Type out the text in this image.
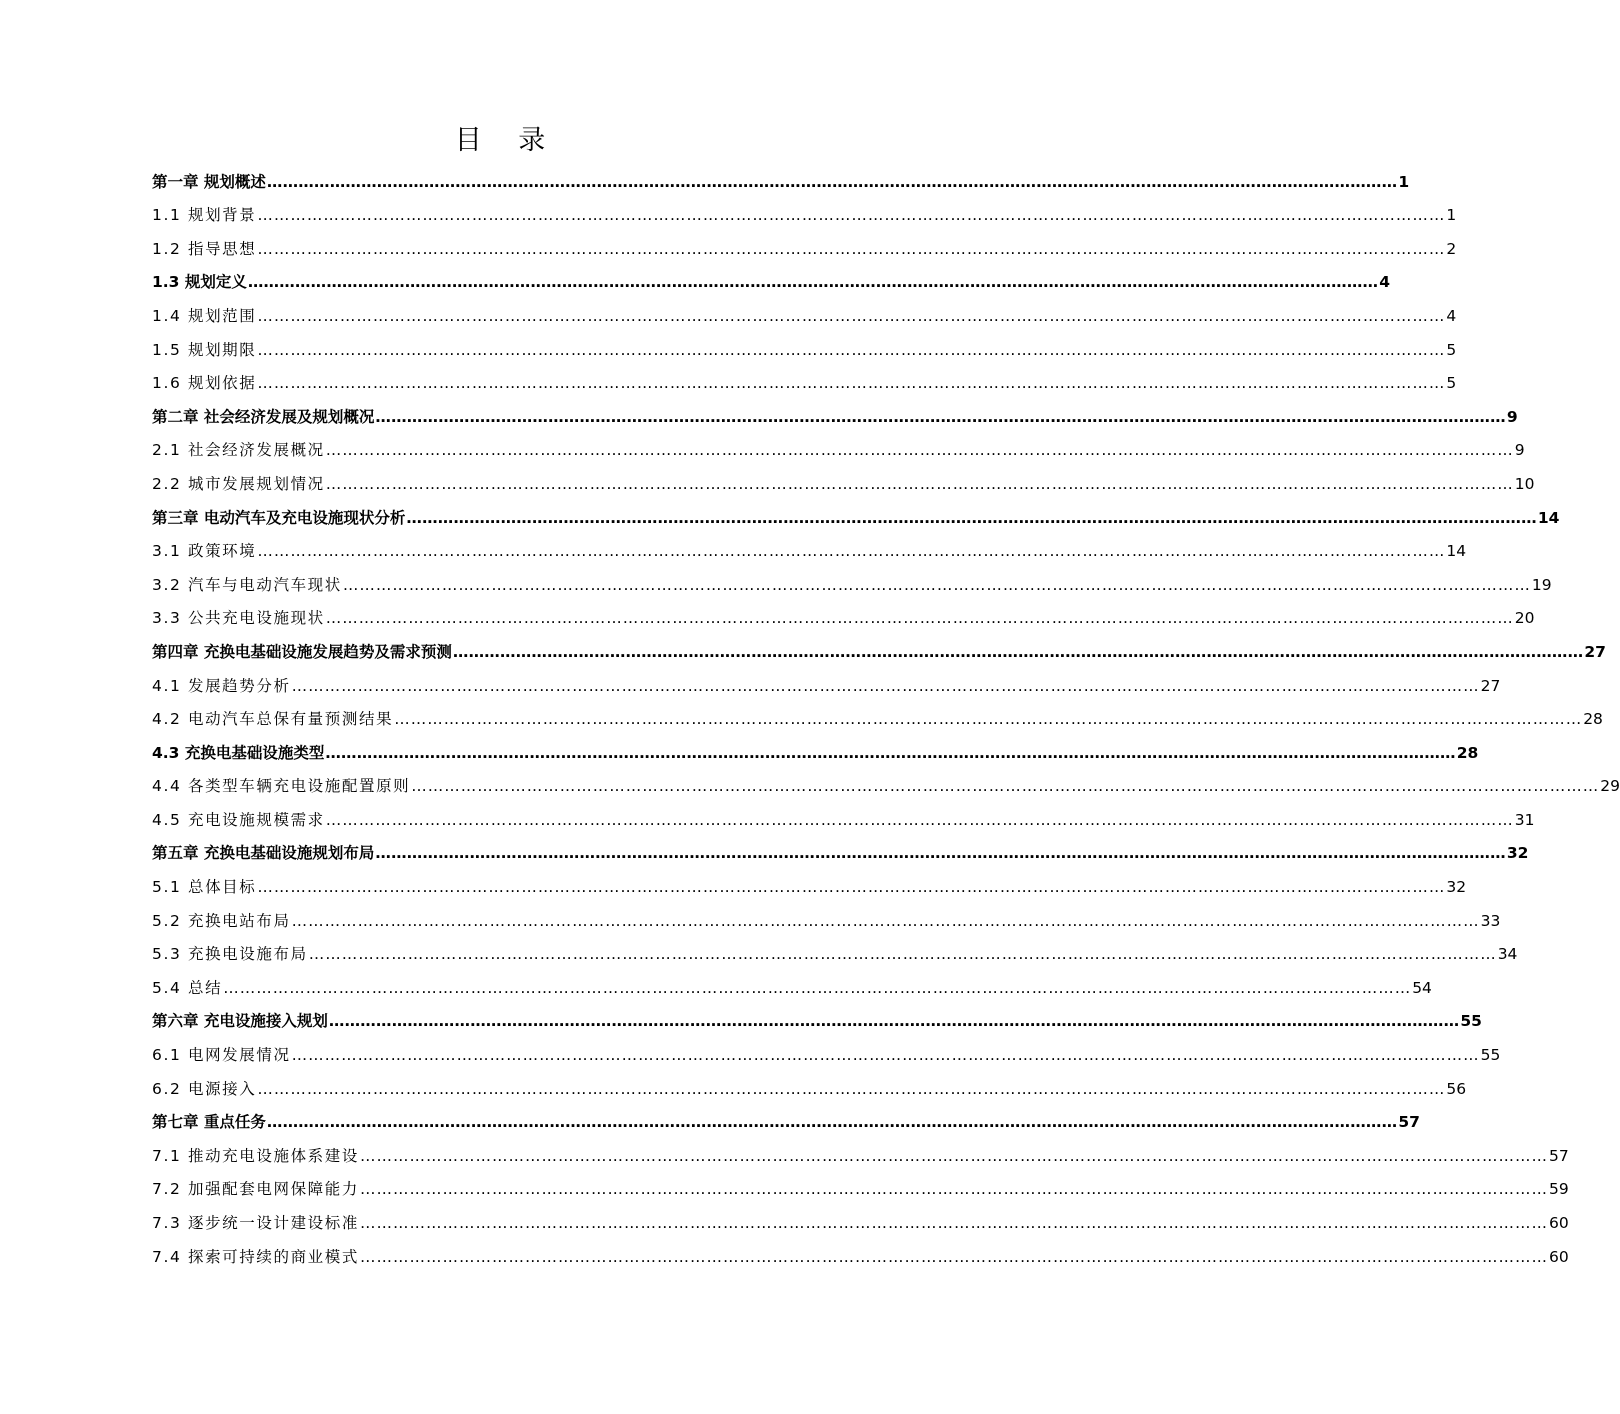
目 录
第一章 规划概述 ……………………………………………………………………………………………………………………………………………………………………………………………… 1
1.1 规划背景 ……………………………………………………………………………………………………………………………………………………………………………………………… 1
1.2 指导思想 ……………………………………………………………………………………………………………………………………………………………………………………………… 2
1.3 规划定义 ……………………………………………………………………………………………………………………………………………………………………………………………… 4
1.4 规划范围 ……………………………………………………………………………………………………………………………………………………………………………………………… 4
1.5 规划期限 ……………………………………………………………………………………………………………………………………………………………………………………………… 5
1.6 规划依据 ……………………………………………………………………………………………………………………………………………………………………………………………… 5
第二章 社会经济发展及规划概况 ……………………………………………………………………………………………………………………………………………………………………………………………… 9
2.1 社会经济发展概况 ……………………………………………………………………………………………………………………………………………………………………………………………… 9
2.2 城市发展规划情况 ……………………………………………………………………………………………………………………………………………………………………………………………… 10
第三章 电动汽车及充电设施现状分析 ……………………………………………………………………………………………………………………………………………………………………………………………… 14
3.1 政策环境 ……………………………………………………………………………………………………………………………………………………………………………………………… 14
3.2 汽车与电动汽车现状 ……………………………………………………………………………………………………………………………………………………………………………………………… 19
3.3 公共充电设施现状 ……………………………………………………………………………………………………………………………………………………………………………………………… 20
第四章 充换电基础设施发展趋势及需求预测 ……………………………………………………………………………………………………………………………………………………………………………………………… 27
4.1 发展趋势分析 ……………………………………………………………………………………………………………………………………………………………………………………………… 27
4.2 电动汽车总保有量预测结果 ……………………………………………………………………………………………………………………………………………………………………………………………… 28
4.3 充换电基础设施类型 ……………………………………………………………………………………………………………………………………………………………………………………………… 28
4.4 各类型车辆充电设施配置原则 ……………………………………………………………………………………………………………………………………………………………………………………………… 29
4.5 充电设施规模需求 ……………………………………………………………………………………………………………………………………………………………………………………………… 31
第五章 充换电基础设施规划布局 ……………………………………………………………………………………………………………………………………………………………………………………………… 32
5.1 总体目标 ……………………………………………………………………………………………………………………………………………………………………………………………… 32
5.2 充换电站布局 ……………………………………………………………………………………………………………………………………………………………………………………………… 33
5.3 充换电设施布局 ……………………………………………………………………………………………………………………………………………………………………………………………… 34
5.4 总结 ……………………………………………………………………………………………………………………………………………………………………………………………… 54
第六章 充电设施接入规划 ……………………………………………………………………………………………………………………………………………………………………………………………… 55
6.1 电网发展情况 ……………………………………………………………………………………………………………………………………………………………………………………………… 55
6.2 电源接入 ……………………………………………………………………………………………………………………………………………………………………………………………… 56
第七章 重点任务 ……………………………………………………………………………………………………………………………………………………………………………………………… 57
7.1 推动充电设施体系建设 ……………………………………………………………………………………………………………………………………………………………………………………………… 57
7.2 加强配套电网保障能力 ……………………………………………………………………………………………………………………………………………………………………………………………… 59
7.3 逐步统一设计建设标准 ……………………………………………………………………………………………………………………………………………………………………………………………… 60
7.4 探索可持续的商业模式 ……………………………………………………………………………………………………………………………………………………………………………………………… 60
